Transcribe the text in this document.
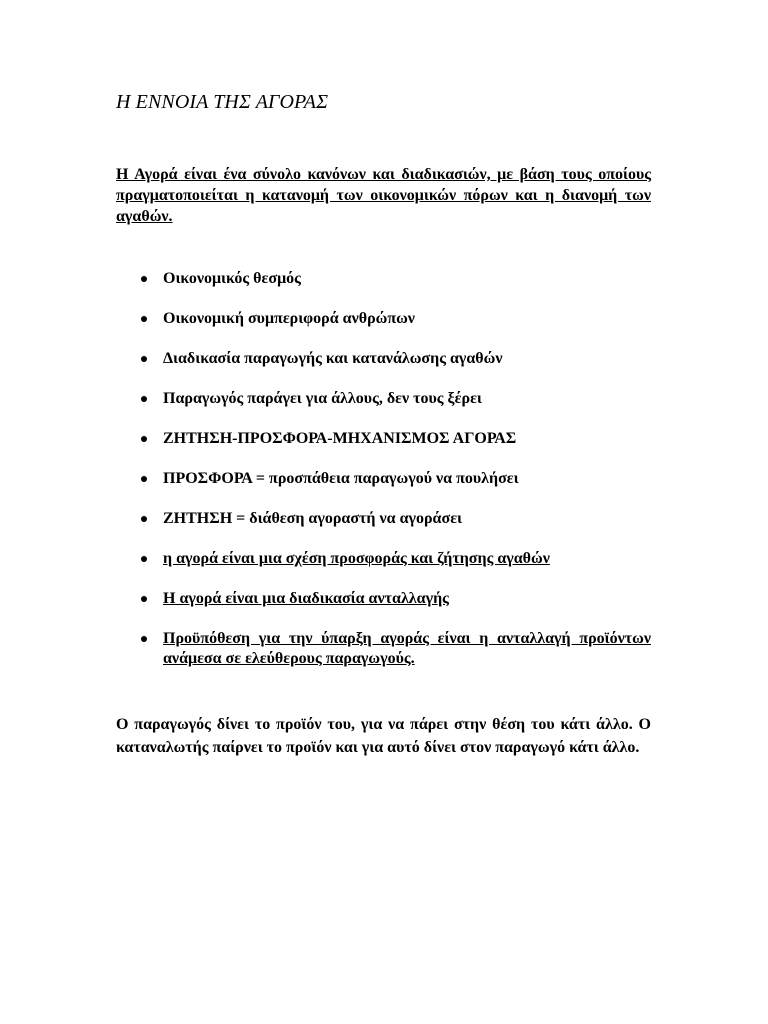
Η ΕΝΝΟΙΑ ΤΗΣ ΑΓΟΡΑΣ

Η Αγορά είναι ένα σύνολο κανόνων και διαδικασιών, με βάση τους οποίους πραγματοποιείται η κατανομή των οικονομικών πόρων και η διανομή των αγαθών.

Οικονομικός θεσμός
Οικονομική συμπεριφορά ανθρώπων
Διαδικασία παραγωγής και κατανάλωσης αγαθών
Παραγωγός παράγει για άλλους, δεν τους ξέρει
ΖΗΤΗΣΗ-ΠΡΟΣΦΟΡΑ-ΜΗΧΑΝΙΣΜΟΣ ΑΓΟΡΑΣ
ΠΡΟΣΦΟΡΑ = προσπάθεια παραγωγού να πουλήσει
ΖΗΤΗΣΗ = διάθεση αγοραστή να αγοράσει
η αγορά είναι μια σχέση προσφοράς και ζήτησης αγαθών
Η αγορά είναι μια διαδικασία ανταλλαγής
Προϋπόθεση για την ύπαρξη αγοράς είναι η ανταλλαγή προϊόντων ανάμεσα σε ελεύθερους παραγωγούς.

Ο παραγωγός δίνει το προϊόν του, για να πάρει στην θέση του κάτι άλλο. Ο καταναλωτής παίρνει το προϊόν και για αυτό δίνει στον παραγωγό κάτι άλλο.
